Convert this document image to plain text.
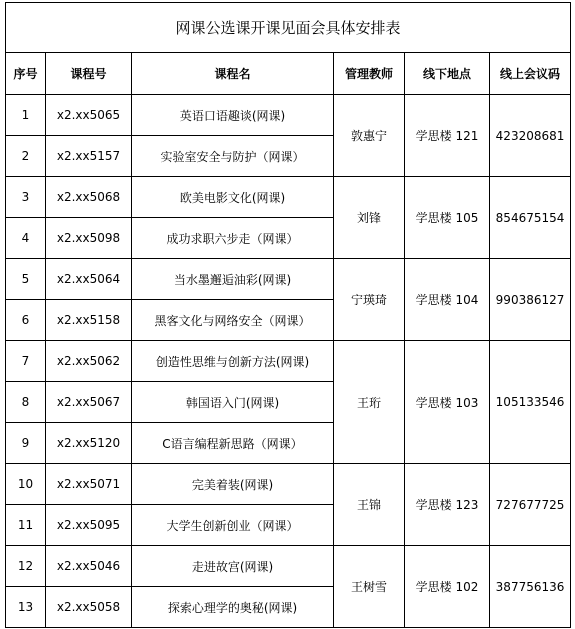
网课公选课开课见面会具体安排表					
序号	课程号	课程名	管理教师	线下地点	线上会议码
1	x2.xx5065	英语口语趣谈(网课)	敦惠宁	学思楼 121	423208681
2	x2.xx5157	实验室安全与防护（网课）			
3	x2.xx5068	欧美电影文化(网课)	刘锋	学思楼 105	854675154
4	x2.xx5098	成功求职六步走（网课）			
5	x2.xx5064	当水墨邂逅油彩(网课)	宁瑛琦	学思楼 104	990386127
6	x2.xx5158	黑客文化与网络安全（网课）			
7	x2.xx5062	创造性思维与创新方法(网课)	王珩	学思楼 103	105133546
8	x2.xx5067	韩国语入门(网课)			
9	x2.xx5120	C语言编程新思路（网课）			
10	x2.xx5071	完美着装(网课)	王锦	学思楼 123	727677725
11	x2.xx5095	大学生创新创业（网课）			
12	x2.xx5046	走进故宫(网课)	王树雪	学思楼 102	387756136
13	x2.xx5058	探索心理学的奥秘(网课)			
